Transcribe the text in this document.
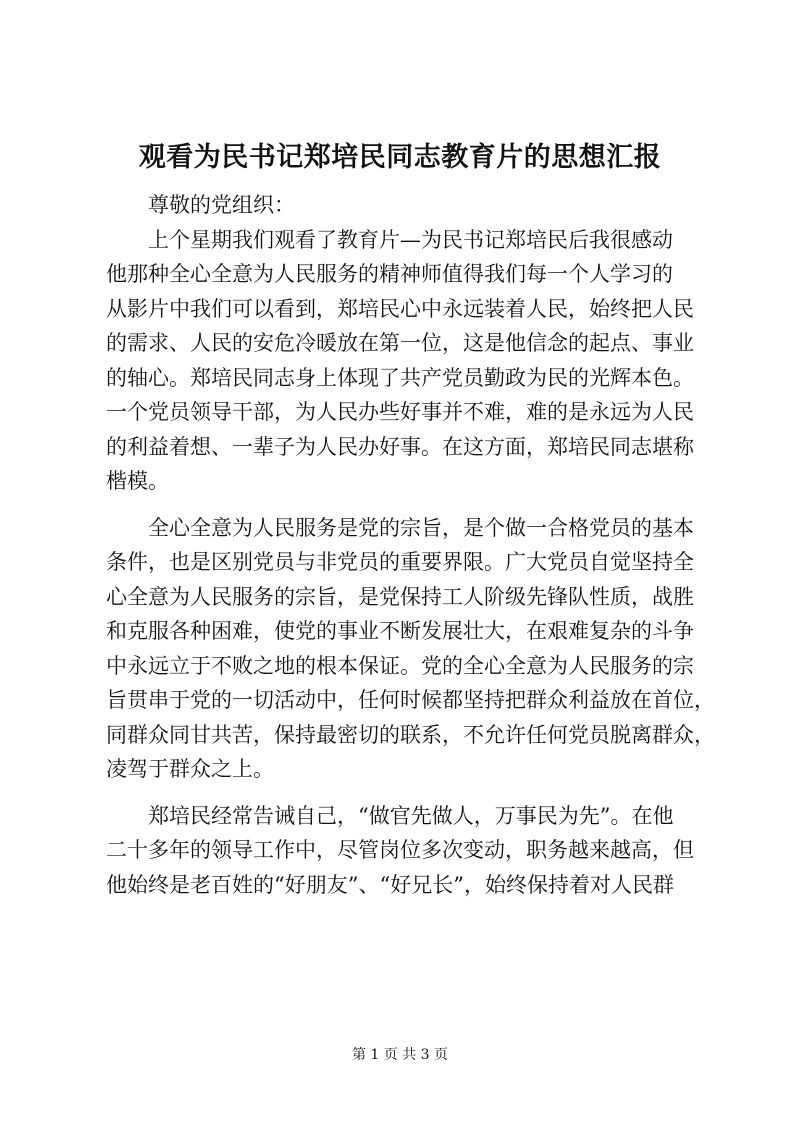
观看为民书记郑培民同志教育片的思想汇报
尊敬的党组织：
上个星期我们观看了教育片—为民书记郑培民后我很感动
他那种全心全意为人民服务的精神师值得我们每一个人学习的
从影片中我们可以看到，郑培民心中永远装着人民，始终把人民
的需求、人民的安危冷暖放在第一位，这是他信念的起点、事业
的轴心。郑培民同志身上体现了共产党员勤政为民的光辉本色。
一个党员领导干部，为人民办些好事并不难，难的是永远为人民
的利益着想、一辈子为人民办好事。在这方面，郑培民同志堪称
楷模。
全心全意为人民服务是党的宗旨，是个做一合格党员的基本
条件，也是区别党员与非党员的重要界限。广大党员自觉坚持全
心全意为人民服务的宗旨，是党保持工人阶级先锋队性质，战胜
和克服各种困难，使党的事业不断发展壮大，在艰难复杂的斗争
中永远立于不败之地的根本保证。党的全心全意为人民服务的宗
旨贯串于党的一切活动中，任何时候都坚持把群众利益放在首位，
同群众同甘共苦，保持最密切的联系，不允许任何党员脱离群众，
凌驾于群众之上。
郑培民经常告诫自己，“做官先做人，万事民为先”。在他
二十多年的领导工作中，尽管岗位多次变动，职务越来越高，但
他始终是老百姓的“好朋友”、“好兄长”，始终保持着对人民群
第 1 页 共 3 页
